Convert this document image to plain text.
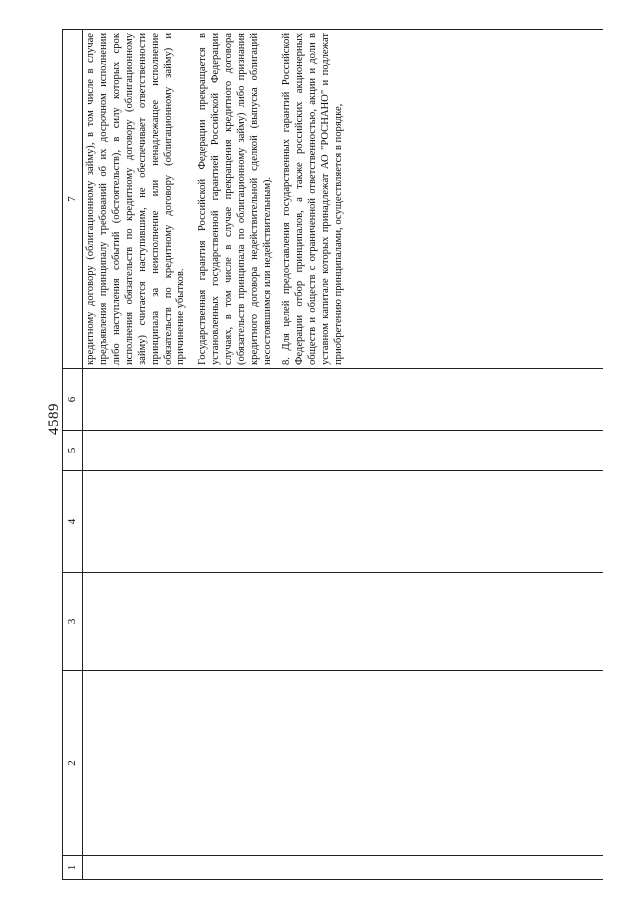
4589
1	2	3	4	5	6	7

						кредитному договору (облигационному займу), в том числе в случае предъявления принципалу требований об их досрочном исполнении либо наступления событий (обстоятельств), в силу которых срок исполнения обязательств по кредитному договору (облигационному займу) считается наступившим, не обеспечивает ответственности принципала за неисполнение или ненадлежащее исполнение обязательств по кредитному договору (облигационному займу) и причинение убытков. Государственная гарантия Российской Федерации прекращается в установленных государственной гарантией Российской Федерации случаях, в том числе в случае прекращения кредитного договора (обязательств принципала по облигационному займу) либо признания кредитного договора недействительной сделкой (выпуска облигаций несостоявшимся или недействительным). 8. Для целей предоставления государственных гарантий Российской Федерации отбор принципалов, а также российских акционерных обществ и обществ с ограниченной ответственностью, акции и доли в уставном капитале которых принадлежат АО "РОСНАНО" и подлежат приобретению принципалами, осуществляется в порядке,
